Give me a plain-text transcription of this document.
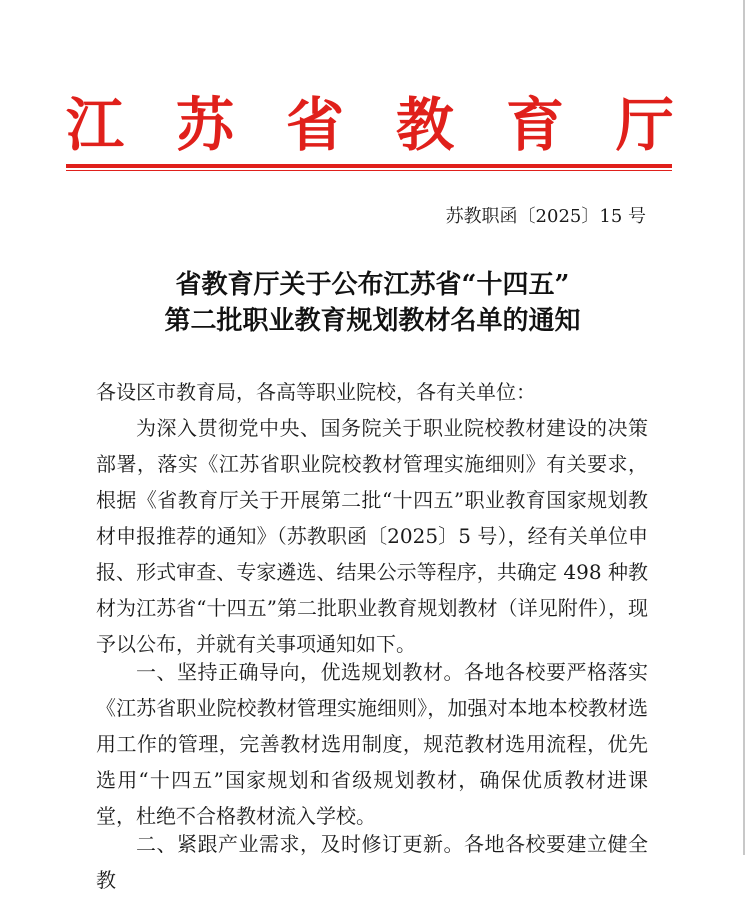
江 苏 省 教 育 厅
苏教职函〔2025〕15 号
省教育厅关于公布江苏省“十四五”
第二批职业教育规划教材名单的通知
各设区市教育局，各高等职业院校，各有关单位：

为深入贯彻党中央、国务院关于职业院校教材建设的决策部署，落实《江苏省职业院校教材管理实施细则》有关要求，根据《省教育厅关于开展第二批“十四五”职业教育国家规划教材申报推荐的通知》（苏教职函〔2025〕5 号），经有关单位申报、形式审查、专家遴选、结果公示等程序，共确定 498 种教材为江苏省“十四五”第二批职业教育规划教材（详见附件），现予以公布，并就有关事项通知如下。

一、坚持正确导向，优选规划教材。各地各校要严格落实《江苏省职业院校教材管理实施细则》，加强对本地本校教材选用工作的管理，完善教材选用制度，规范教材选用流程，优先选用“十四五”国家规划和省级规划教材，确保优质教材进课堂，杜绝不合格教材流入学校。

二、紧跟产业需求，及时修订更新。各地各校要建立健全教
